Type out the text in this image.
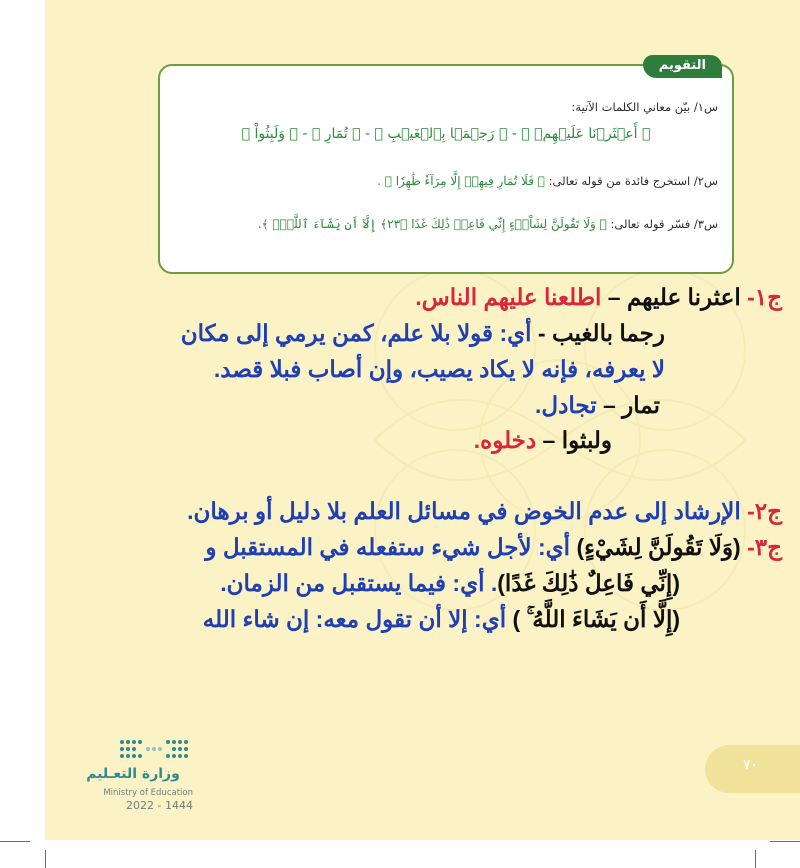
التقويم
س١/ بيّن معاني الكلمات الآتية:
﴿ أَعۡثَرۡنَا عَلَيۡهِمۡ ﴾ - ﴿ رَجۡمَۢا بِٱلۡغَيۡبِ ﴾ - ﴿ تُمَارِ ﴾ - ﴿ وَلَبِثُواْ ﴾
س٢/ استخرج فائدة من قوله تعالى: ﴿ فَلَا تُمَارِ فِيهِمۡ إِلَّا مِرَآءٗ ظَٰهِرٗا ﴾ .
س٣/ فسّر قوله تعالى: ﴿ وَلَا تَقُولَنَّ لِشَاْيۡءٍ إِنِّي فَاعِلٞ ذَٰلِكَ غَدًا ﴿٢٣﴾ إِلَّآ أَن يَشَآءَ ٱللَّهُۚ ﴾.
ج١- اعثرنا عليهم – اطلعنا عليهم الناس.
رجما بالغيب - أي: قولا بلا علم، كمن يرمي إلى مكان
لا يعرفه، فإنه لا يكاد يصيب، وإن أصاب فبلا قصد.
تمار – تجادل.
ولبثوا – دخلوه.
ج٢- الإرشاد إلى عدم الخوض في مسائل العلم بلا دليل أو برهان.
ج٣- (وَلَا تَقُولَنَّ لِشَيْءٍ) أي: لأجل شيء ستفعله في المستقبل و
(إِنِّي فَاعِلٌ ذَٰلِكَ غَدًا). أي: فيما يستقبل من الزمان.
(إِلَّا أَن يَشَاءَ اللَّهُ ۚ ) أي: إلا أن تقول معه: إن شاء الله
٧٠
وزارة التعـليم
Ministry of Education
2022 - 1444
